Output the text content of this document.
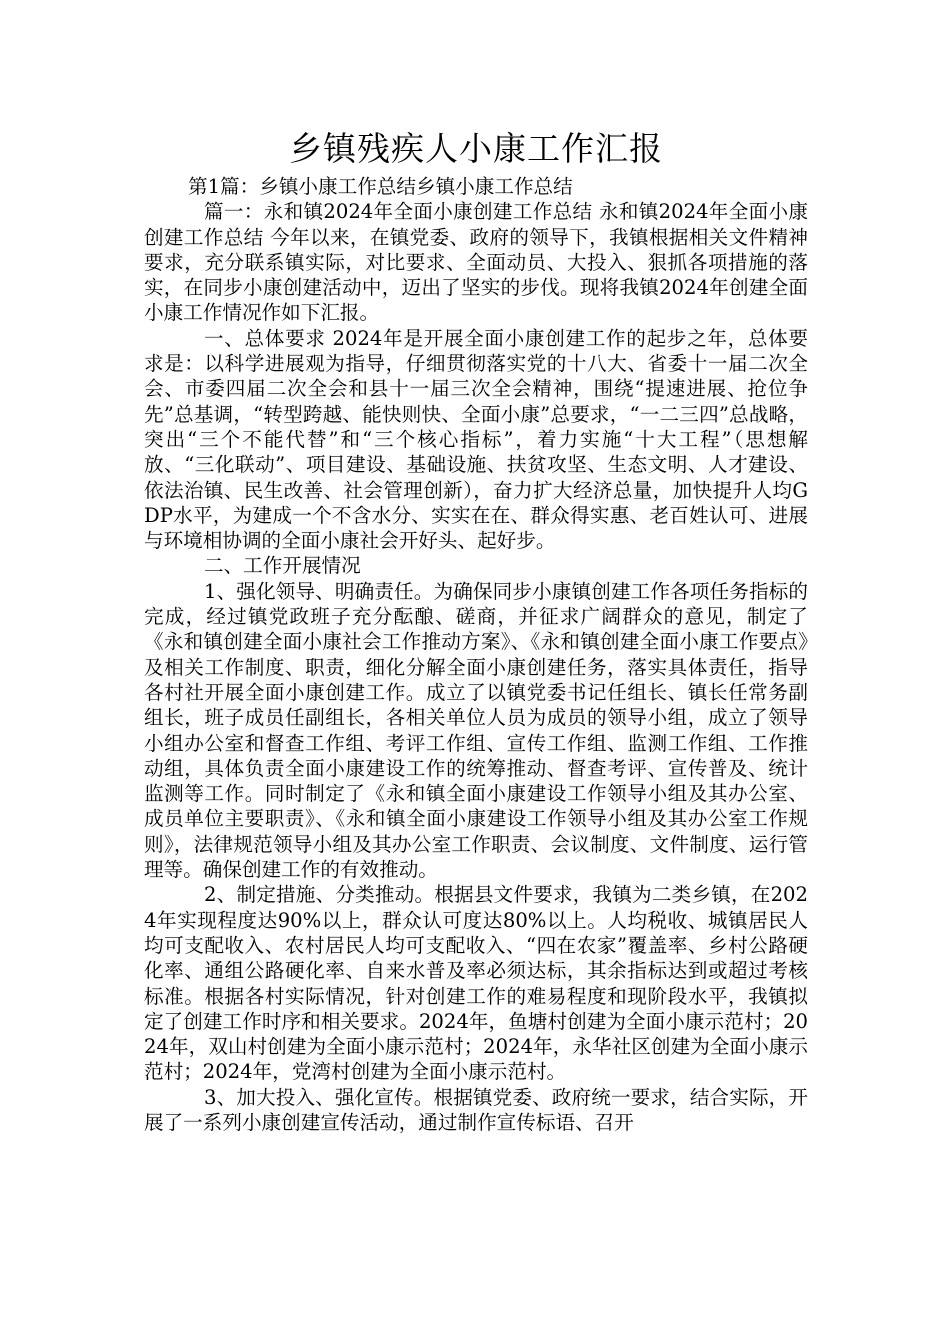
乡镇残疾人小康工作汇报

第1篇：乡镇小康工作总结乡镇小康工作总结

篇一：永和镇2024年全面小康创建工作总结 永和镇2024年全面小康创建工作总结 今年以来，在镇党委、政府的领导下，我镇根据相关文件精神要求，充分联系镇实际，对比要求、全面动员、大投入、狠抓各项措施的落实，在同步小康创建活动中，迈出了坚实的步伐。现将我镇2024年创建全面小康工作情况作如下汇报。

一、总体要求 2024年是开展全面小康创建工作的起步之年，总体要求是：以科学进展观为指导，仔细贯彻落实党的十八大、省委十一届二次全会、市委四届二次全会和县十一届三次全会精神，围绕“提速进展、抢位争先”总基调，“转型跨越、能快则快、全面小康”总要求，“一二三四”总战略，突出“三个不能代替”和“三个核心指标”，着力实施“十大工程”（思想解放、“三化联动”、项目建设、基础设施、扶贫攻坚、生态文明、人才建设、依法治镇、民生改善、社会管理创新），奋力扩大经济总量，加快提升人均GDP水平，为建成一个不含水分、实实在在、群众得实惠、老百姓认可、进展与环境相协调的全面小康社会开好头、起好步。

二、工作开展情况

1、强化领导、明确责任。为确保同步小康镇创建工作各项任务指标的完成，经过镇党政班子充分酝酿、磋商，并征求广阔群众的意见，制定了《永和镇创建全面小康社会工作推动方案》、《永和镇创建全面小康工作要点》及相关工作制度、职责，细化分解全面小康创建任务，落实具体责任，指导各村社开展全面小康创建工作。成立了以镇党委书记任组长、镇长任常务副组长，班子成员任副组长，各相关单位人员为成员的领导小组，成立了领导小组办公室和督查工作组、考评工作组、宣传工作组、监测工作组、工作推动组，具体负责全面小康建设工作的统筹推动、督查考评、宣传普及、统计监测等工作。同时制定了《永和镇全面小康建设工作领导小组及其办公室、成员单位主要职责》、《永和镇全面小康建设工作领导小组及其办公室工作规则》，法律规范领导小组及其办公室工作职责、会议制度、文件制度、运行管理等。确保创建工作的有效推动。

2、制定措施、分类推动。根据县文件要求，我镇为二类乡镇，在2024年实现程度达90%以上，群众认可度达80%以上。人均税收、城镇居民人均可支配收入、农村居民人均可支配收入、“四在农家”覆盖率、乡村公路硬化率、通组公路硬化率、自来水普及率必须达标，其余指标达到或超过考核标准。根据各村实际情况，针对创建工作的难易程度和现阶段水平，我镇拟定了创建工作时序和相关要求。2024年，鱼塘村创建为全面小康示范村；2024年，双山村创建为全面小康示范村；2024年，永华社区创建为全面小康示范村；2024年，党湾村创建为全面小康示范村。

3、加大投入、强化宣传。根据镇党委、政府统一要求，结合实际，开展了一系列小康创建宣传活动，通过制作宣传标语、召开
